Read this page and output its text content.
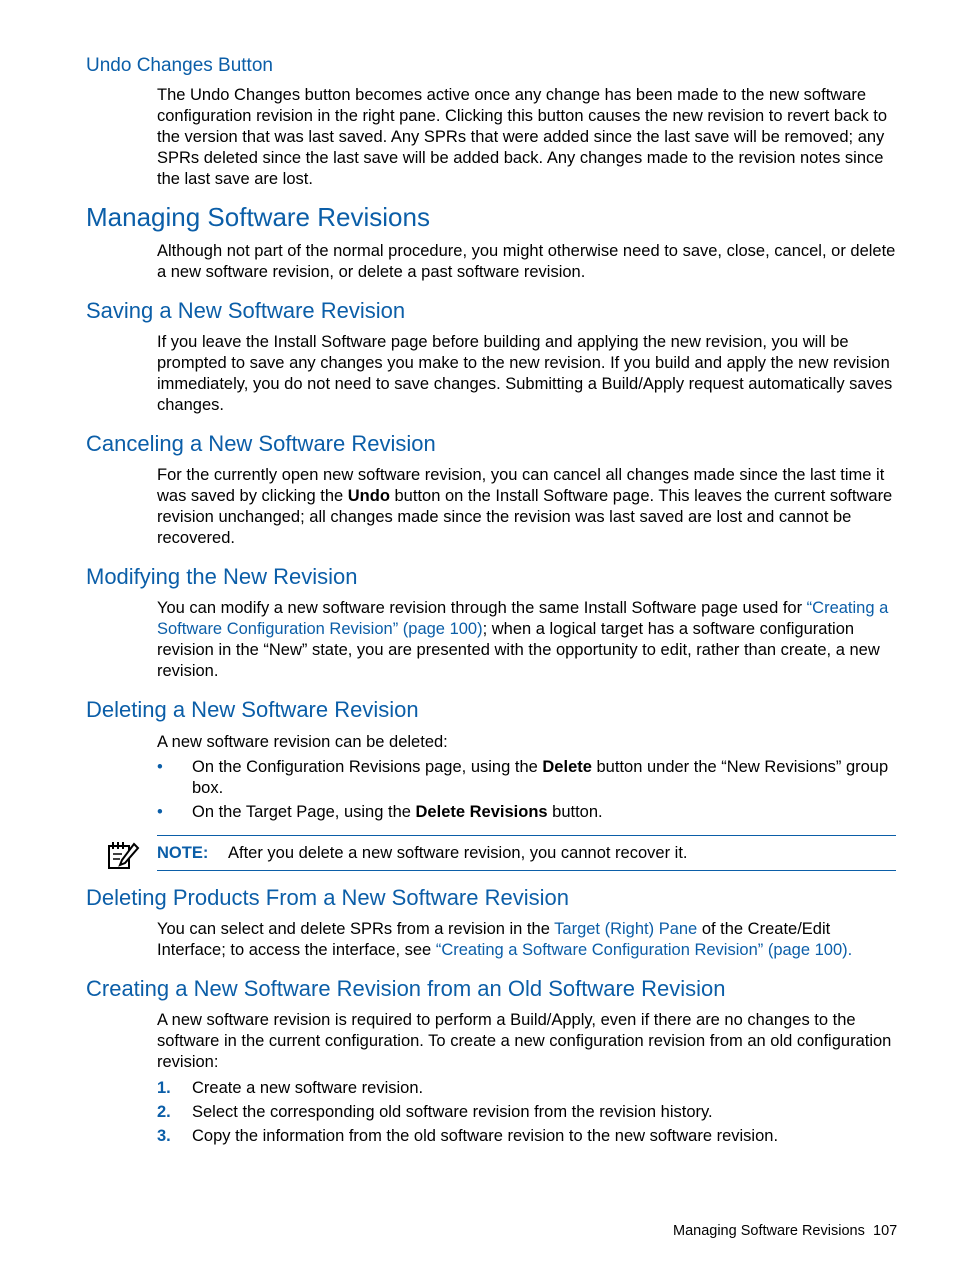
Undo Changes Button

The Undo Changes button becomes active once any change has been made to the new software configuration revision in the right pane. Clicking this button causes the new revision to revert back to the version that was last saved. Any SPRs that were added since the last save will be removed; any SPRs deleted since the last save will be added back. Any changes made to the revision notes since the last save are lost.

Managing Software Revisions

Although not part of the normal procedure, you might otherwise need to save, close, cancel, or delete a new software revision, or delete a past software revision.

Saving a New Software Revision

If you leave the Install Software page before building and applying the new revision, you will be prompted to save any changes you make to the new revision. If you build and apply the new revision immediately, you do not need to save changes. Submitting a Build/Apply request automatically saves changes.

Canceling a New Software Revision

For the currently open new software revision, you can cancel all changes made since the last time it was saved by clicking the Undo button on the Install Software page. This leaves the current software revision unchanged; all changes made since the revision was last saved are lost and cannot be recovered.

Modifying the New Revision

You can modify a new software revision through the same Install Software page used for “Creating a Software Configuration Revision” (page 100); when a logical target has a software configuration revision in the “New” state, you are presented with the opportunity to edit, rather than create, a new revision.

Deleting a New Software Revision

A new software revision can be deleted:

• On the Configuration Revisions page, using the Delete button under the “New Revisions” group box.
• On the Target Page, using the Delete Revisions button.
NOTE: After you delete a new software revision, you cannot recover it.
Deleting Products From a New Software Revision

You can select and delete SPRs from a revision in the Target (Right) Pane of the Create/Edit Interface; to access the interface, see “Creating a Software Configuration Revision” (page 100).

Creating a New Software Revision from an Old Software Revision

A new software revision is required to perform a Build/Apply, even if there are no changes to the software in the current configuration. To create a new configuration revision from an old configuration revision:

1. Create a new software revision.
2. Select the corresponding old software revision from the revision history.
3. Copy the information from the old software revision to the new software revision.
Managing Software Revisions 107
